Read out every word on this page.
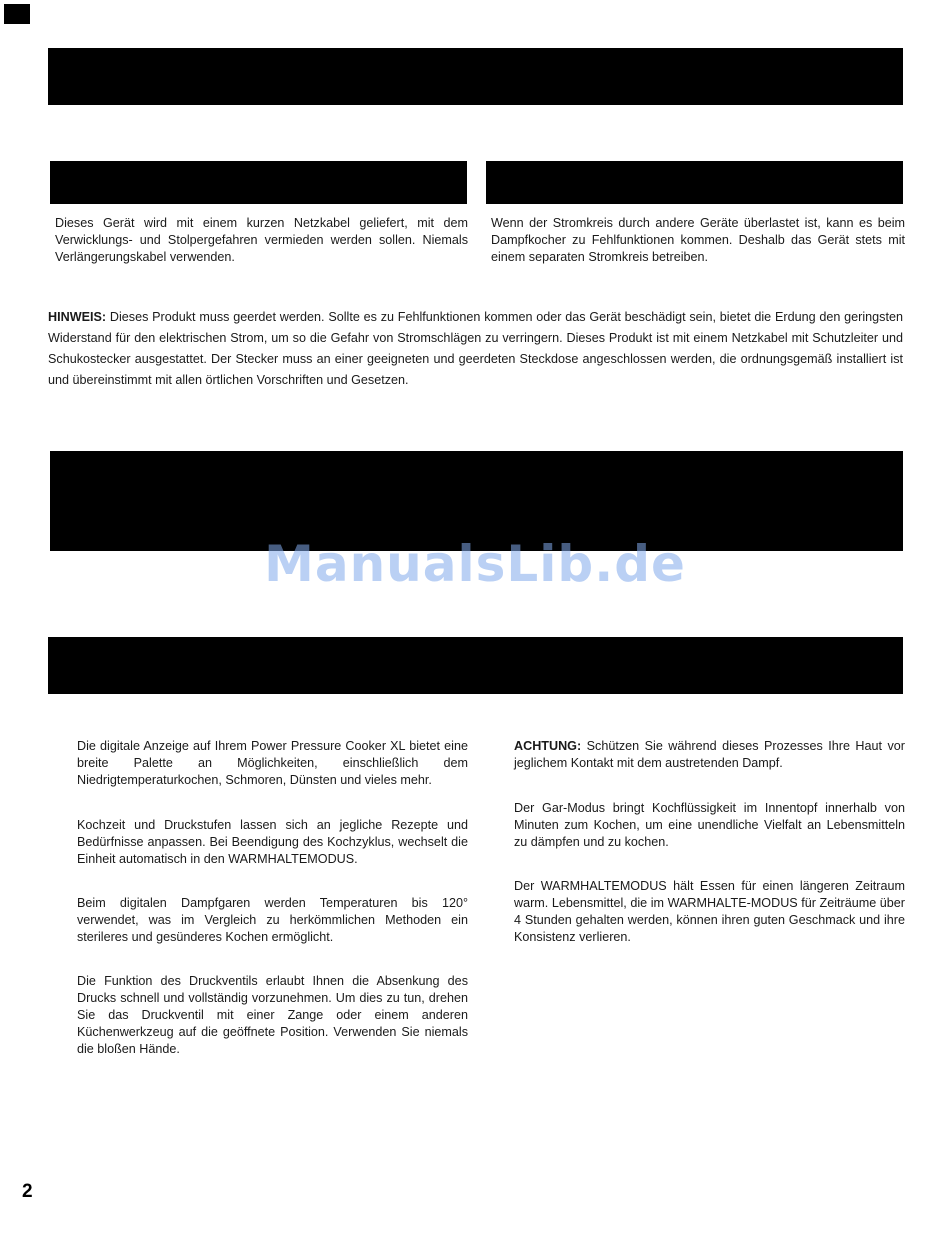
Dieses Gerät wird mit einem kurzen Netzkabel geliefert, mit dem Verwicklungs- und Stolpergefahren vermieden werden sollen. Niemals Verlängerungskabel verwenden.

Wenn der Stromkreis durch andere Geräte überlastet ist, kann es beim Dampfkocher zu Fehlfunktionen kommen. Deshalb das Gerät stets mit einem separaten Stromkreis betreiben.

HINWEIS: Dieses Produkt muss geerdet werden. Sollte es zu Fehlfunktionen kommen oder das Gerät beschädigt sein, bietet die Erdung den geringsten Widerstand für den elektrischen Strom, um so die Gefahr von Stromschlägen zu verringern. Dieses Produkt ist mit einem Netzkabel mit Schutzleiter und Schukostecker ausgestattet. Der Stecker muss an einer geeigneten und geerdeten Steckdose angeschlossen werden, die ordnungsgemäß installiert ist und übereinstimmt mit allen örtlichen Vorschriften und Gesetzen.

ManualsLib.de

Die digitale Anzeige auf Ihrem Power Pressure Cooker XL bietet eine breite Palette an Möglichkeiten, einschließlich dem Niedrigtemperaturkochen, Schmoren, Dünsten und vieles mehr.

Kochzeit und Druckstufen lassen sich an jegliche Rezepte und Bedürfnisse anpassen. Bei Beendigung des Kochzyklus, wechselt die Einheit automatisch in den WARMHALTEMODUS.

Beim digitalen Dampfgaren werden Temperaturen bis 120° verwendet, was im Vergleich zu herkömmlichen Methoden ein sterileres und gesünderes Kochen ermöglicht.

Die Funktion des Druckventils erlaubt Ihnen die Absenkung des Drucks schnell und vollständig vorzunehmen. Um dies zu tun, drehen Sie das Druckventil mit einer Zange oder einem anderen Küchenwerkzeug auf die geöffnete Position. Verwenden Sie niemals die bloßen Hände.

ACHTUNG: Schützen Sie während dieses Prozesses Ihre Haut vor jeglichem Kontakt mit dem austretenden Dampf.

Der Gar-Modus bringt Kochflüssigkeit im Innentopf innerhalb von Minuten zum Kochen, um eine unendliche Vielfalt an Lebensmitteln zu dämpfen und zu kochen.

Der WARMHALTEMODUS hält Essen für einen längeren Zeitraum warm. Lebensmittel, die im WARMHALTE-MODUS für Zeiträume über 4 Stunden gehalten werden, können ihren guten Geschmack und ihre Konsistenz verlieren.

2
